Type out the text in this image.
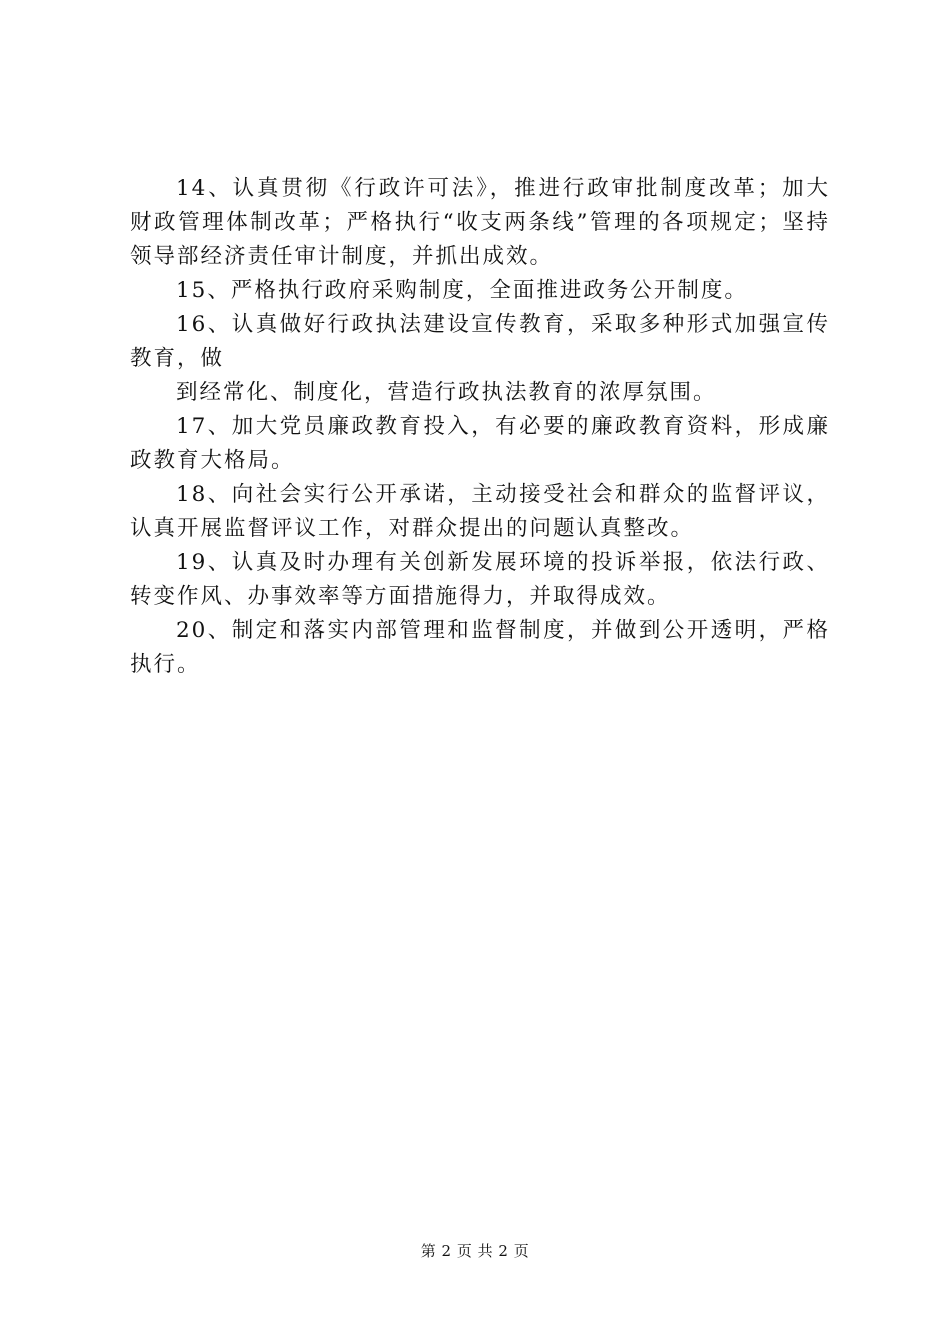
14、认真贯彻《行政许可法》，推进行政审批制度改革；加大财政管理体制改革；严格执行“收支两条线”管理的各项规定；坚持领导部经济责任审计制度，并抓出成效。

15、严格执行政府采购制度，全面推进政务公开制度。

16、认真做好行政执法建设宣传教育，采取多种形式加强宣传教育，做

到经常化、制度化，营造行政执法教育的浓厚氛围。

17、加大党员廉政教育投入，有必要的廉政教育资料，形成廉政教育大格局。

18、向社会实行公开承诺，主动接受社会和群众的监督评议，认真开展监督评议工作，对群众提出的问题认真整改。

19、认真及时办理有关创新发展环境的投诉举报，依法行政、转变作风、办事效率等方面措施得力，并取得成效。

20、制定和落实内部管理和监督制度，并做到公开透明，严格执行。

第 2 页 共 2 页
